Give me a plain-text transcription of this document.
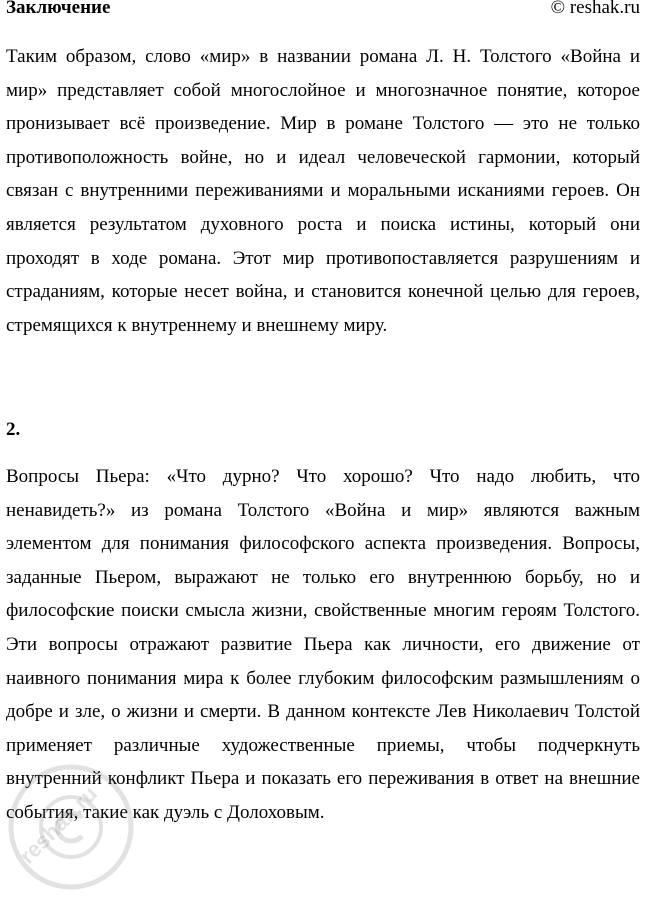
Заключение	© reshak.ru

Таким образом, слово «мир» в названии романа Л. Н. Толстого «Война и мир» представляет собой многослойное и многозначное понятие, которое пронизывает всё произведение. Мир в романе Толстого — это не только противоположность войне, но и идеал человеческой гармонии, который связан с внутренними переживаниями и моральными исканиями героев. Он является результатом духовного роста и поиска истины, который они проходят в ходе романа. Этот мир противопоставляется разрушениям и страданиям, которые несет война, и становится конечной целью для героев, стремящихся к внутреннему и внешнему миру.

2.

Вопросы Пьера: «Что дурно? Что хорошо? Что надо любить, что ненавидеть?» из романа Толстого «Война и мир» являются важным элементом для понимания философского аспекта произведения. Вопросы, заданные Пьером, выражают не только его внутреннюю борьбу, но и философские поиски смысла жизни, свойственные многим героям Толстого. Эти вопросы отражают развитие Пьера как личности, его движение от наивного понимания мира к более глубоким философским размышлениям о добре и зле, о жизни и смерти. В данном контексте Лев Николаевич Толстой применяет различные художественные приемы, чтобы подчеркнуть внутренний конфликт Пьера и показать его переживания в ответ на внешние события, такие как дуэль с Долоховым.

reshak.ru
